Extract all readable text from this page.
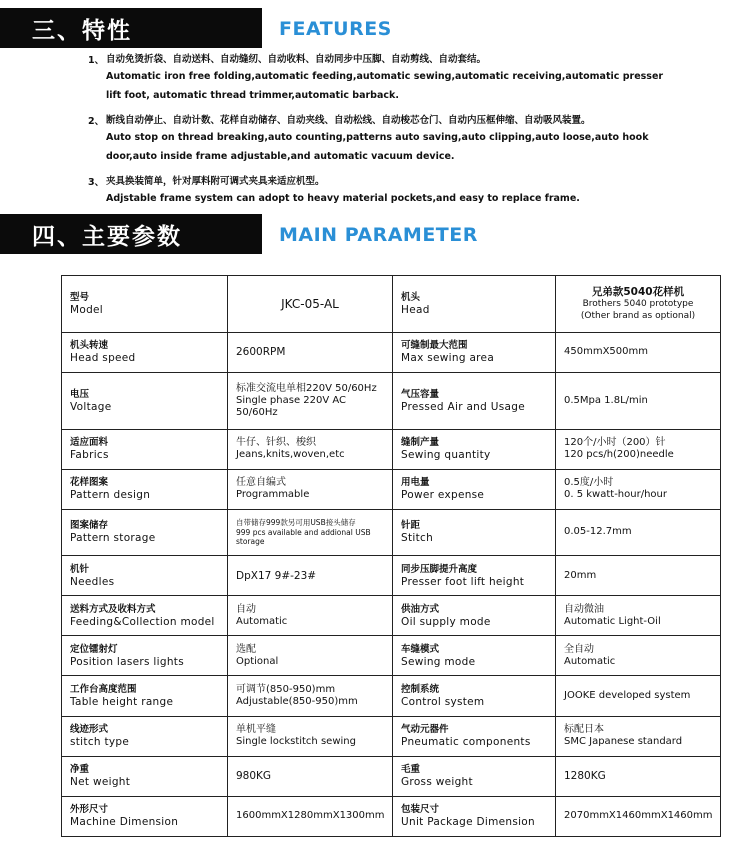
三、特性	FEATURES
1、 自动免烫折袋、自动送料、自动缝纫、自动收料、自动同步中压脚、自动剪线、自动套结。
Automatic iron free folding,automatic feeding,automatic sewing,automatic receiving,automatic presser lift foot, automatic thread trimmer,automatic barback.
2、 断线自动停止、自动计数、花样自动储存、自动夹线、自动松线、自动梭芯仓门、自动内压框伸缩、自动吸风装置。
Auto stop on thread breaking,auto counting,patterns auto saving,auto clipping,auto loose,auto hook door,auto inside frame adjustable,and automatic vacuum device.
3、 夹具换装简单，针对厚料附可调式夹具来适应机型。
Adjstable frame system can adopt to heavy material pockets,and easy to replace frame.
四、主要参数	MAIN PARAMETER
型号
Model	JKC-05-AL	机头
Head	兄弟款5040花样机
Brothers 5040 prototype
(Other brand as optional)

机头转速
Head speed	2600RPM	可缝制最大范围
Max sewing area	450mmX500mm

电压
Voltage	标准交流电单相220V 50/60Hz
Single phase 220V AC 50/60Hz	气压容量
Pressed Air and Usage	0.5Mpa 1.8L/min

适应面料
Fabrics	牛仔、针织、梭织
Jeans,knits,woven,etc	缝制产量
Sewing quantity	120个/小时（200）针
120 pcs/h(200)needle

花样图案
Pattern design	任意自编式
Programmable	用电量
Power expense	0.5度/小时
0. 5 kwatt-hour/hour

图案储存
Pattern storage	自带储存999款另可用USB接头储存
999 pcs available and addional USB storage	针距
Stitch	0.05-12.7mm

机针
Needles	DpX17 9#-23#	同步压脚提升高度
Presser foot lift height	20mm

送料方式及收料方式
Feeding&Collection model	自动
Automatic	供油方式
Oil supply mode	自动微油
Automatic Light-Oil

定位镭射灯
Position lasers lights	选配
Optional	车缝模式
Sewing mode	全自动
Automatic

工作台高度范围
Table height range	可调节(850-950)mm
Adjustable(850-950)mm	控制系统
Control system	JOOKE developed system

线迹形式
stitch type	单机平缝
Single lockstitch sewing	气动元器件
Pneumatic components	标配日本
SMC Japanese standard

净重
Net weight	980KG	毛重
Gross weight	1280KG

外形尺寸
Machine Dimension	1600mmX1280mmX1300mm	包装尺寸
Unit Package Dimension	2070mmX1460mmX1460mm
